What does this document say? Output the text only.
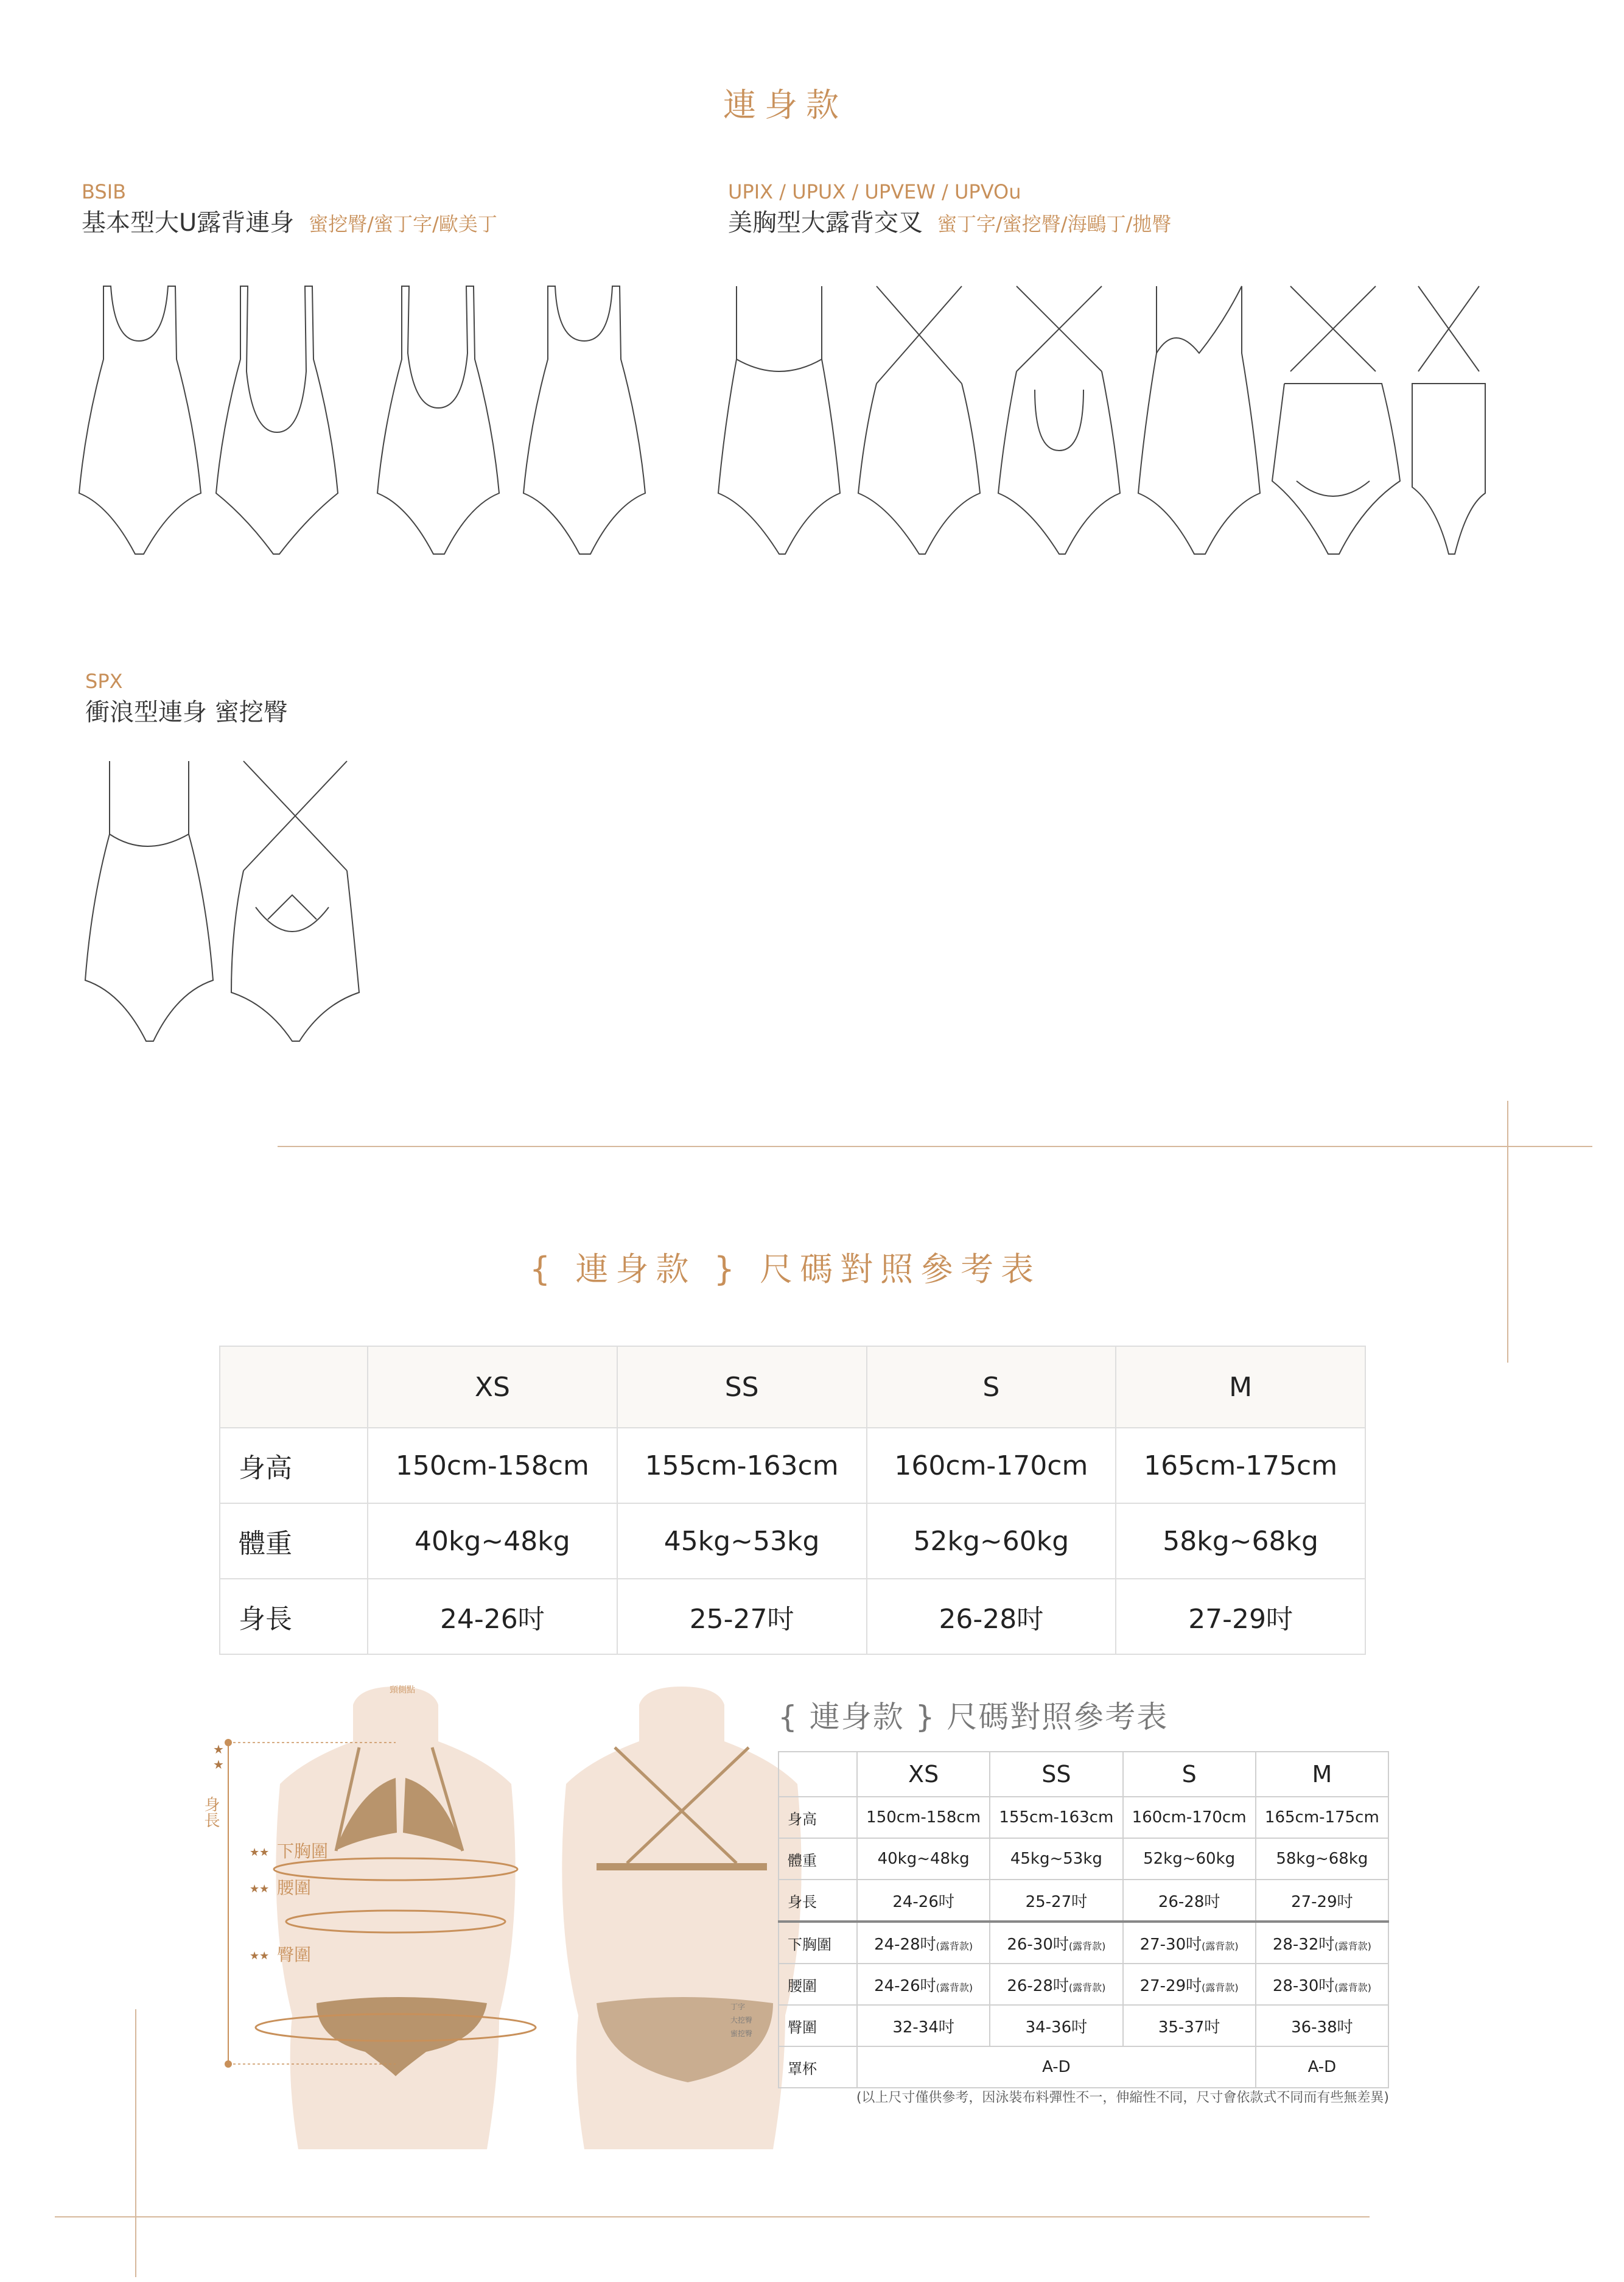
連身款
BSIB
基本型大U露背連身 蜜挖臀/蜜丁字/歐美丁
UPIX / UPUX / UPVEW / UPVOu
美胸型大露背交叉 蜜丁字/蜜挖臀/海鷗丁/拋臀
SPX
衝浪型連身 蜜挖臀
{ 連身款 } 尺碼對照參考表
	XS	SS	S	M
身高	150cm-158cm	155cm-163cm	160cm-170cm	165cm-175cm
體重	40kg~48kg	45kg~53kg	52kg~60kg	58kg~68kg
身長	24-26吋	25-27吋	26-28吋	27-29吋
丁字
大挖臀
蜜挖臀
頸側點
身長
★
★
★★ 下胸圍
★★ 腰圍
★★ 臀圍
{ 連身款 } 尺碼對照參考表
	XS	SS	S	M
身高	150cm-158cm	155cm-163cm	160cm-170cm	165cm-175cm
體重	40kg~48kg	45kg~53kg	52kg~60kg	58kg~68kg
身長	24-26吋	25-27吋	26-28吋	27-29吋
下胸圍	24-28吋(露背款)	26-30吋(露背款)	27-30吋(露背款)	28-32吋(露背款)
腰圍	24-26吋(露背款)	26-28吋(露背款)	27-29吋(露背款)	28-30吋(露背款)
臀圍	32-34吋	34-36吋	35-37吋	36-38吋
罩杯	A-D			A-D
(以上尺寸僅供參考，因泳裝布料彈性不一，伸縮性不同，尺寸會依款式不同而有些無差異)
